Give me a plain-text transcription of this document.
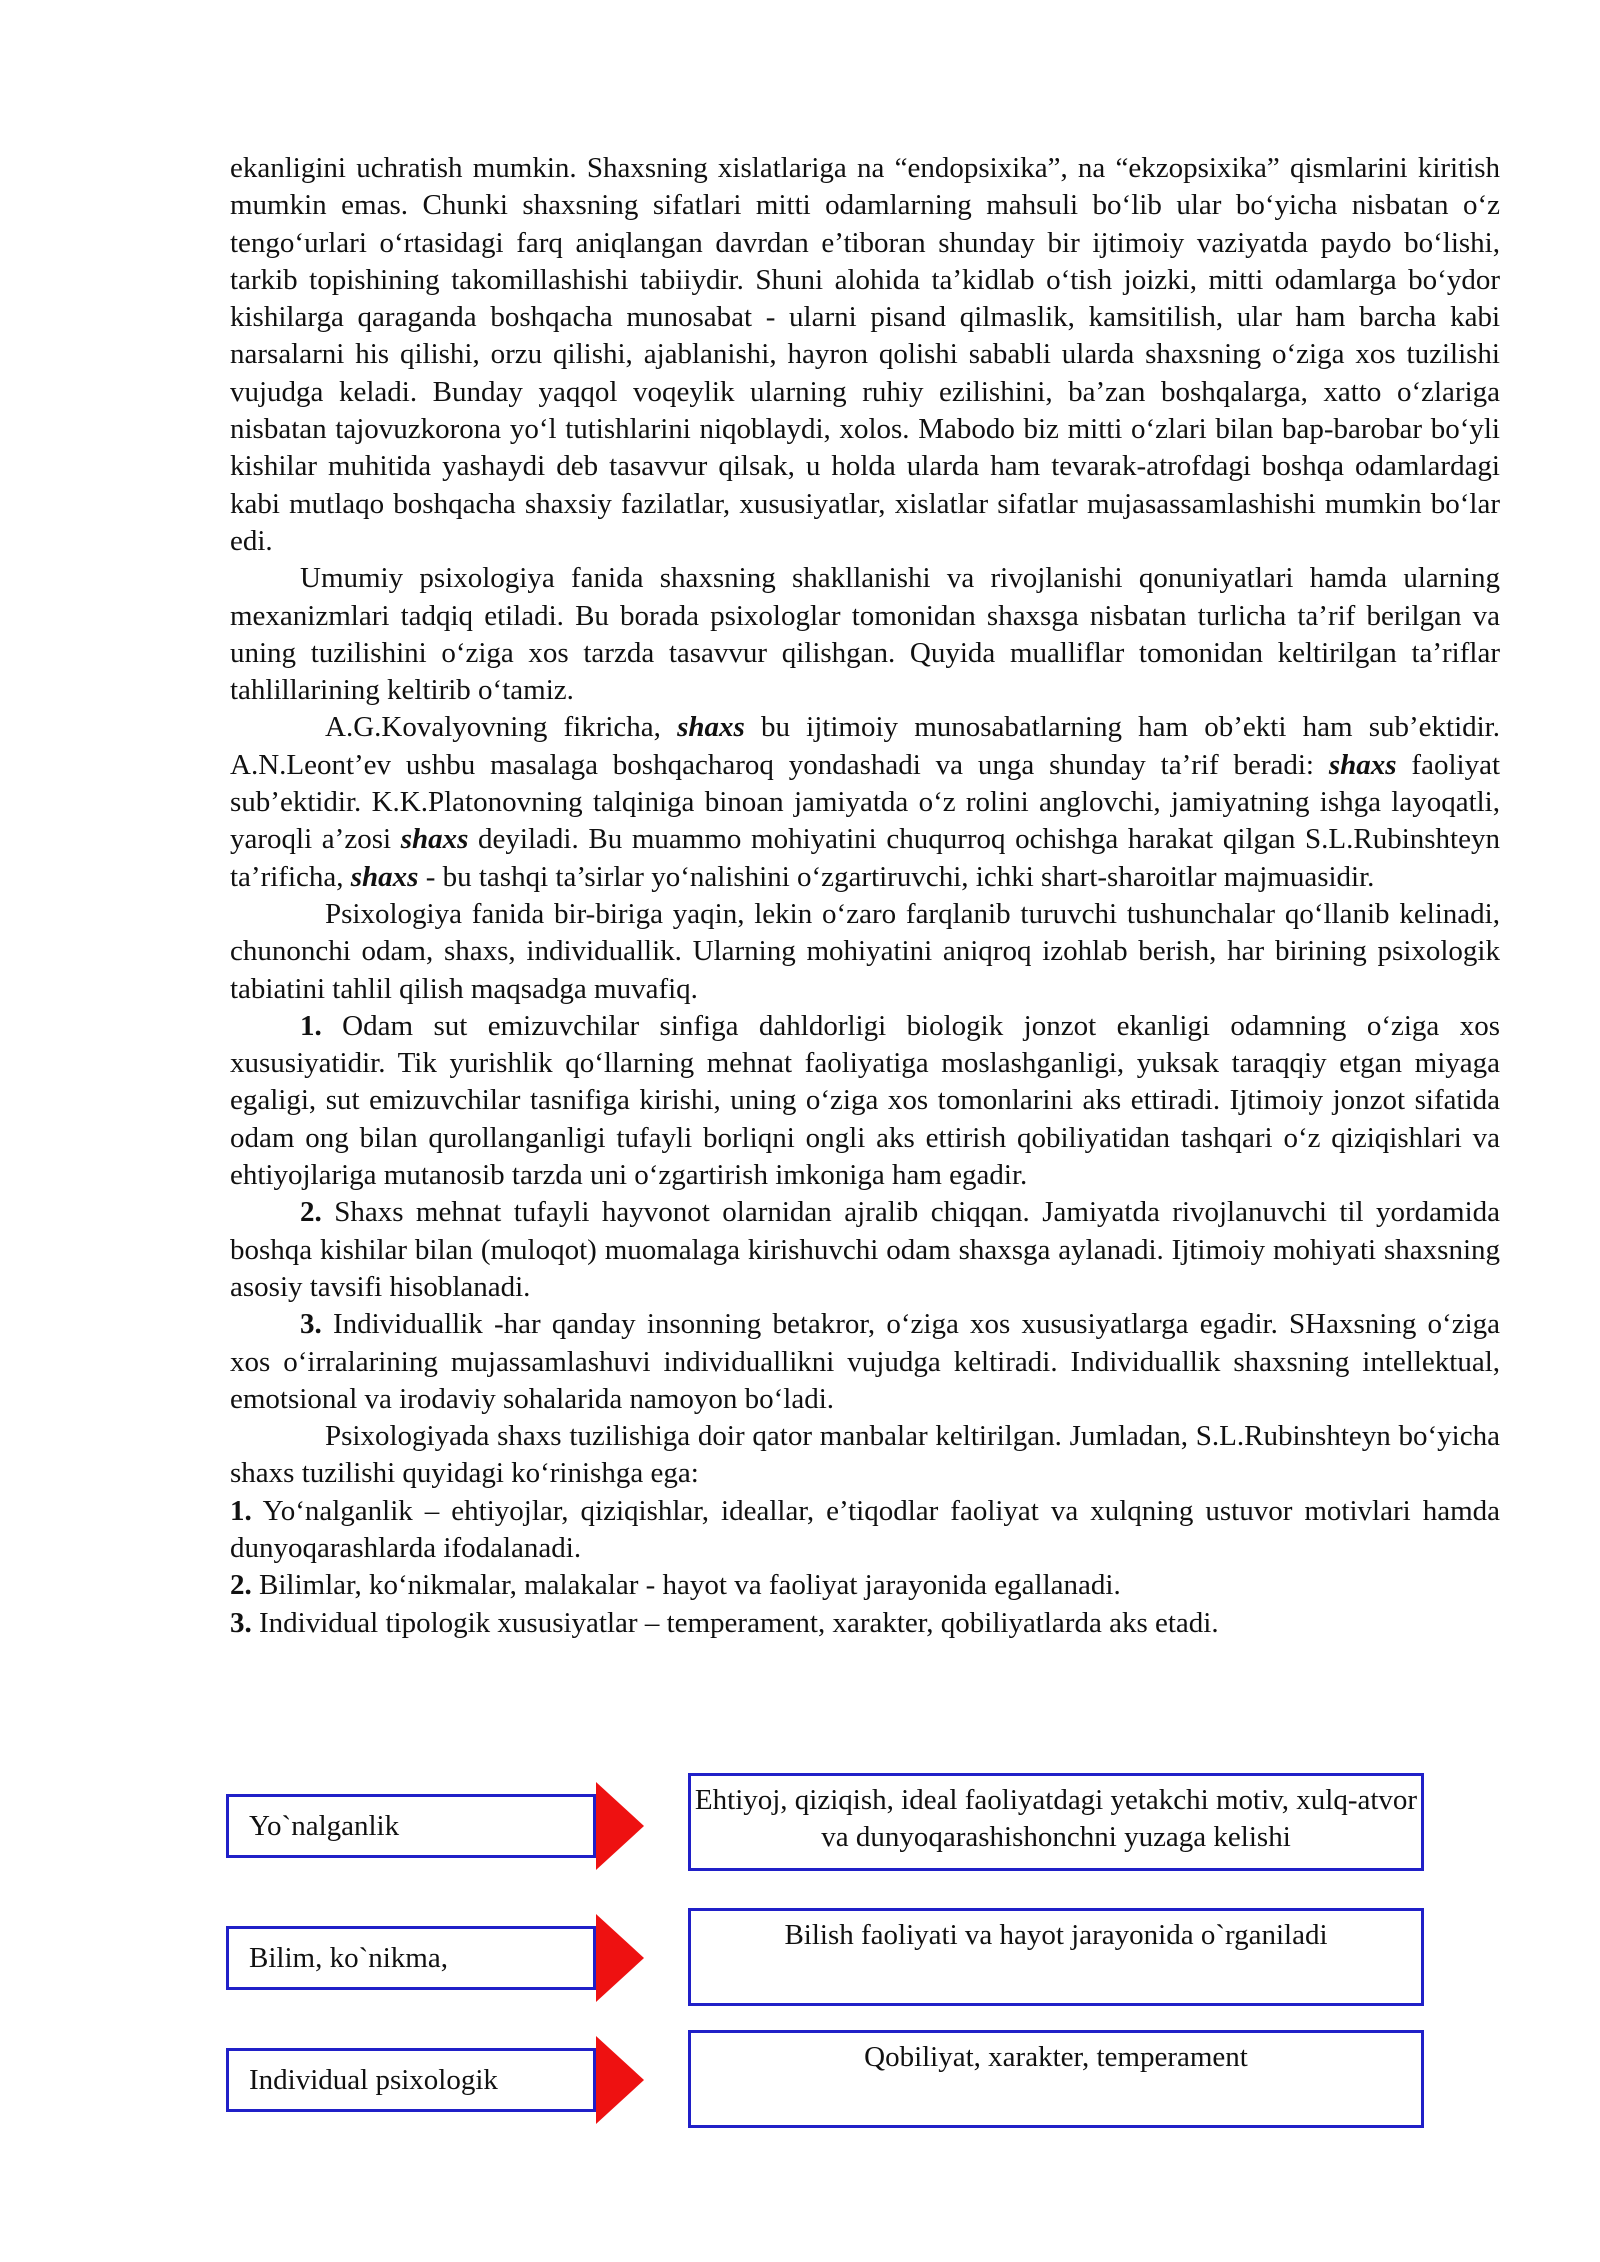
ekanligini uchratish mumkin. Shaxsning xislatlariga na “endopsixika”, na “ekzopsixika” qismlarini kiritish mumkin emas. Chunki shaxsning sifatlari mitti odamlarning mahsuli bo‘lib ular bo‘yicha nisbatan o‘z tengo‘urlari o‘rtasidagi farq aniqlangan davrdan e’tiboran shunday bir ijtimoiy vaziyatda paydo bo‘lishi, tarkib topishining takomillashishi tabiiydir. Shuni alohida ta’kidlab o‘tish joizki, mitti odamlarga bo‘ydor kishilarga qaraganda boshqacha munosabat - ularni pisand qilmaslik, kamsitilish, ular ham barcha kabi narsalarni his qilishi, orzu qilishi, ajablanishi, hayron qolishi sababli ularda shaxsning o‘ziga xos tuzilishi vujudga keladi. Bunday yaqqol voqeylik ularning ruhiy ezilishini, ba’zan boshqalarga, xatto o‘zlariga nisbatan tajovuzkorona yo‘l tutishlarini niqoblaydi, xolos. Mabodo biz mitti o‘zlari bilan bap-barobar bo‘yli kishilar muhitida yashaydi deb tasavvur qilsak, u holda ularda ham tevarak-atrofdagi boshqa odamlardagi kabi mutlaqo boshqacha shaxsiy fazilatlar, xususiyatlar, xislatlar sifatlar mujasassamlashishi mumkin bo‘lar edi.

Umumiy psixologiya fanida shaxsning shakllanishi va rivojlanishi qonuniyatlari hamda ularning mexanizmlari tadqiq etiladi. Bu borada psixologlar tomonidan shaxsga nisbatan turlicha ta’rif berilgan va uning tuzilishini o‘ziga xos tarzda tasavvur qilishgan. Quyida mualliflar tomonidan keltirilgan ta’riflar tahlillarining keltirib o‘tamiz.

A.G.Kovalyovning fikricha, shaxs bu ijtimoiy munosabatlarning ham ob’ekti ham sub’ektidir. A.N.Leont’ev ushbu masalaga boshqacharoq yondashadi va unga shunday ta’rif beradi: shaxs faoliyat sub’ektidir. K.K.Platonovning talqiniga binoan jamiyatda o‘z rolini anglovchi, jamiyatning ishga layoqatli, yaroqli a’zosi shaxs deyiladi. Bu muammo mohiyatini chuqurroq ochishga harakat qilgan S.L.Rubinshteyn ta’rificha, shaxs - bu tashqi ta’sirlar yo‘nalishini o‘zgartiruvchi, ichki shart-sharoitlar majmuasidir.

Psixologiya fanida bir-biriga yaqin, lekin o‘zaro farqlanib turuvchi tushunchalar qo‘llanib kelinadi, chunonchi odam, shaxs, individuallik. Ularning mohiyatini aniqroq izohlab berish, har birining psixologik tabiatini tahlil qilish maqsadga muvafiq.

1. Odam sut emizuvchilar sinfiga dahldorligi biologik jonzot ekanligi odamning o‘ziga xos xususiyatidir. Tik yurishlik qo‘llarning mehnat faoliyatiga moslashganligi, yuksak taraqqiy etgan miyaga egaligi, sut emizuvchilar tasnifiga kirishi, uning o‘ziga xos tomonlarini aks ettiradi. Ijtimoiy jonzot sifatida odam ong bilan qurollanganligi tufayli borliqni ongli aks ettirish qobiliyatidan tashqari o‘z qiziqishlari va ehtiyojlariga mutanosib tarzda uni o‘zgartirish imkoniga ham egadir.

2. Shaxs mehnat tufayli hayvonot olarnidan ajralib chiqqan. Jamiyatda rivojlanuvchi til yordamida boshqa kishilar bilan (muloqot) muomalaga kirishuvchi odam shaxsga aylanadi. Ijtimoiy mohiyati shaxsning asosiy tavsifi hisoblanadi.

3. Individuallik -har qanday insonning betakror, o‘ziga xos xususiyatlarga egadir. SHaxsning o‘ziga xos o‘irralarining mujassamlashuvi individuallikni vujudga keltiradi. Individuallik shaxsning intellektual, emotsional va irodaviy sohalarida namoyon bo‘ladi.

Psixologiyada shaxs tuzilishiga doir qator manbalar keltirilgan. Jumladan, S.L.Rubinshteyn bo‘yicha shaxs tuzilishi quyidagi ko‘rinishga ega:

1. Yo‘nalganlik – ehtiyojlar, qiziqishlar, ideallar, e’tiqodlar faoliyat va xulqning ustuvor motivlari hamda dunyoqarashlarda ifodalanadi.

2. Bilimlar, ko‘nikmalar, malakalar - hayot va faoliyat jarayonida egallanadi.

3. Individual tipologik xususiyatlar – temperament, xarakter, qobiliyatlarda aks etadi.

Yo`nalganlik
Ehtiyoj, qiziqish, ideal faoliyatdagi yetakchi motiv, xulq-atvor va dunyoqarashishonchni yuzaga kelishi
Bilim, ko`nikma,
Bilish faoliyati va hayot jarayonida o`rganiladi
Individual psixologik
Qobiliyat, xarakter, temperament
